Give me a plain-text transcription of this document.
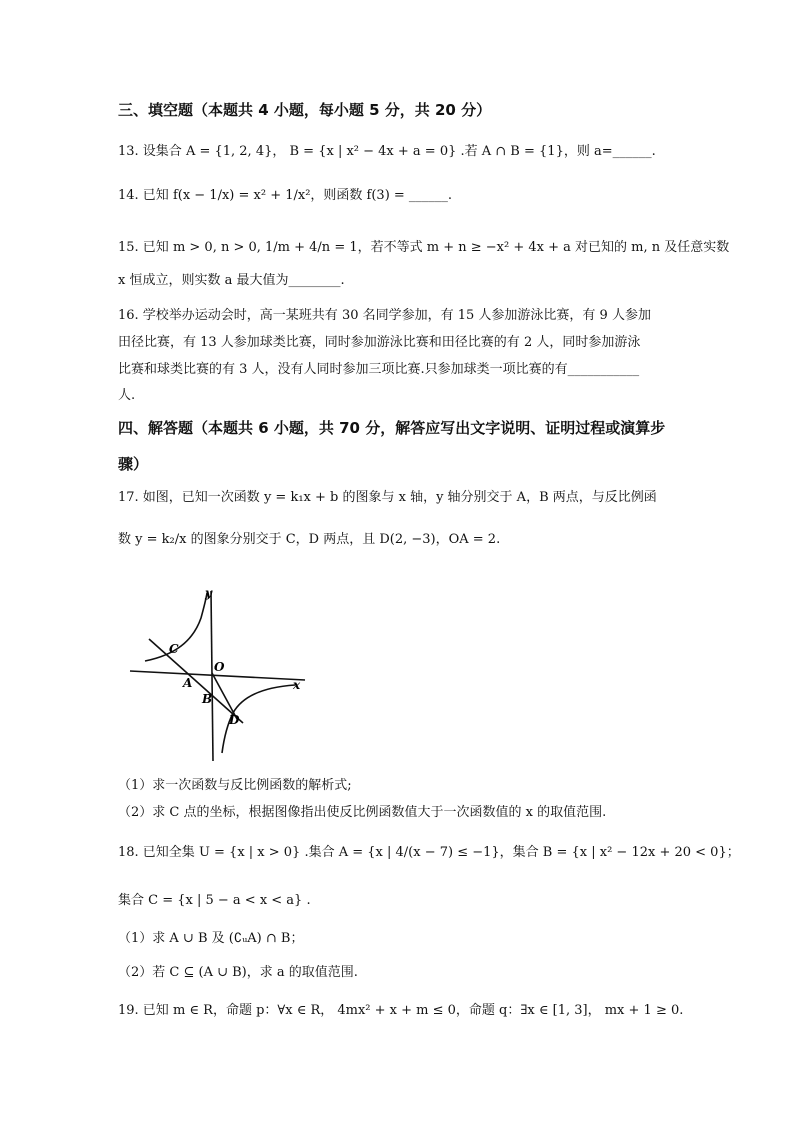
三、填空题（本题共 4 小题，每小题 5 分，共 20 分）
13. 设集合 A = {1, 2, 4}， B = {x | x² − 4x + a = 0} .若 A ∩ B = {1}，则 a=______.
14. 已知 f(x − 1/x) = x² + 1/x²，则函数 f(3) = ______.
15. 已知 m > 0, n > 0, 1/m + 4/n = 1，若不等式 m + n ≥ −x² + 4x + a 对已知的 m, n 及任意实数
x 恒成立，则实数 a 最大值为________.
16. 学校举办运动会时，高一某班共有 30 名同学参加，有 15 人参加游泳比赛，有 9 人参加
田径比赛，有 13 人参加球类比赛，同时参加游泳比赛和田径比赛的有 2 人，同时参加游泳
比赛和球类比赛的有 3 人，没有人同时参加三项比赛.只参加球类一项比赛的有___________
人.
四、解答题（本题共 6 小题，共 70 分，解答应写出文字说明、证明过程或演算步
骤）
17. 如图，已知一次函数 y = k₁x + b 的图象与 x 轴，y 轴分别交于 A，B 两点，与反比例函
数 y = k₂/x 的图象分别交于 C，D 两点，且 D(2, −3)，OA = 2.
y
x
C
O
A
B
D
（1）求一次函数与反比例函数的解析式;
（2）求 C 点的坐标，根据图像指出使反比例函数值大于一次函数值的 x 的取值范围.
18. 已知全集 U = {x | x > 0} .集合 A = {x | 4/(x − 7) ≤ −1}，集合 B = {x | x² − 12x + 20 < 0}；
集合 C = {x | 5 − a < x < a} .
（1）求 A ∪ B 及 (∁ᵤA) ∩ B；
（2）若 C ⊆ (A ∪ B)，求 a 的取值范围.
19. 已知 m ∈ R，命题 p：∀x ∈ R， 4mx² + x + m ≤ 0，命题 q：∃x ∈ [1, 3]， mx + 1 ≥ 0.
